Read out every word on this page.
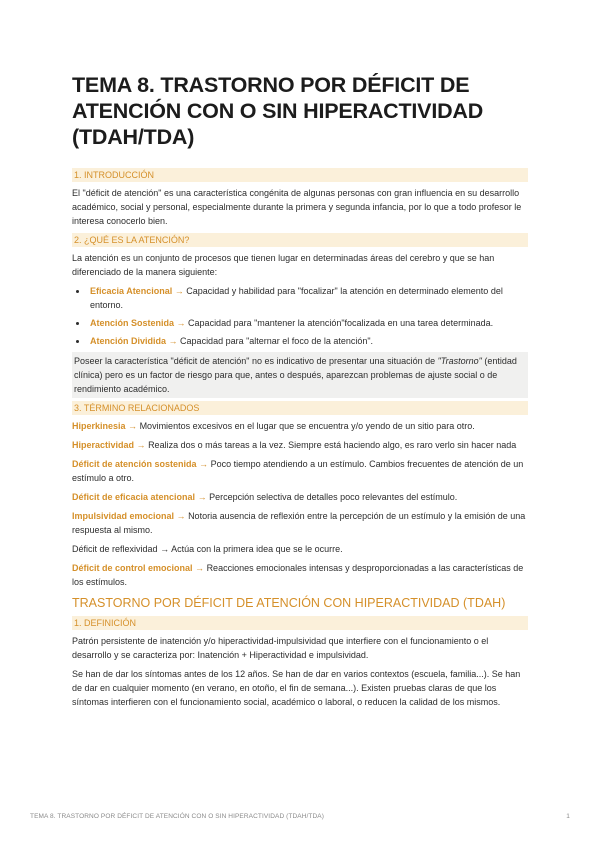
TEMA 8. TRASTORNO POR DÉFICIT DE ATENCIÓN CON O SIN HIPERACTIVIDAD (TDAH/TDA)
1. INTRODUCCIÓN

El "déficit de atención" es una característica congénita de algunas personas con gran influencia en su desarrollo académico, social y personal, especialmente durante la primera y segunda infancia, por lo que a todo profesor le interesa conocerlo bien.

2. ¿QUÉ ES LA ATENCIÓN?

La atención es un conjunto de procesos que tienen lugar en determinadas áreas del cerebro y que se han diferenciado de la manera siguiente:

• Eficacia Atencional → Capacidad y habilidad para "focalizar" la atención en determinado elemento del entorno.
• Atención Sostenida → Capacidad para "mantener la atención"focalizada en una tarea determinada.
• Atención Dividida → Capacidad para "alternar el foco de la atención".

Poseer la característica "déficit de atención" no es indicativo de presentar una situación de "Trastorno" (entidad clínica) pero es un factor de riesgo para que, antes o después, aparezcan problemas de ajuste social o de rendimiento académico.

3. TÉRMINO RELACIONADOS

Hiperkinesia → Movimientos excesivos en el lugar que se encuentra y/o yendo de un sitio para otro.

Hiperactividad → Realiza dos o más tareas a la vez. Siempre está haciendo algo, es raro verlo sin hacer nada

Déficit de atención sostenida → Poco tiempo atendiendo a un estímulo. Cambios frecuentes de atención de un estímulo a otro.

Déficit de eficacia atencional → Percepción selectiva de detalles poco relevantes del estímulo.

Impulsividad emocional → Notoria ausencia de reflexión entre la percepción de un estímulo y la emisión de una respuesta al mismo.

Déficit de reflexividad → Actúa con la primera idea que se le ocurre.

Déficit de control emocional → Reacciones emocionales intensas y desproporcionadas a las características de los estímulos.

TRASTORNO POR DÉFICIT DE ATENCIÓN CON HIPERACTIVIDAD (TDAH)
1. DEFINICIÓN

Patrón persistente de inatención y/o hiperactividad-impulsividad que interfiere con el funcionamiento o el desarrollo y se caracteriza por: Inatención + Hiperactividad e impulsividad.

Se han de dar los síntomas antes de los 12 años. Se han de dar en varios contextos (escuela, familia...). Se han de dar en cualquier momento (en verano, en otoño, el fin de semana...). Existen pruebas claras de que los síntomas interfieren con el funcionamiento social, académico o laboral, o reducen la calidad de los mismos.

TEMA 8. TRASTORNO POR DÉFICIT DE ATENCIÓN CON O SIN HIPERACTIVIDAD (TDAH/TDA)	1
